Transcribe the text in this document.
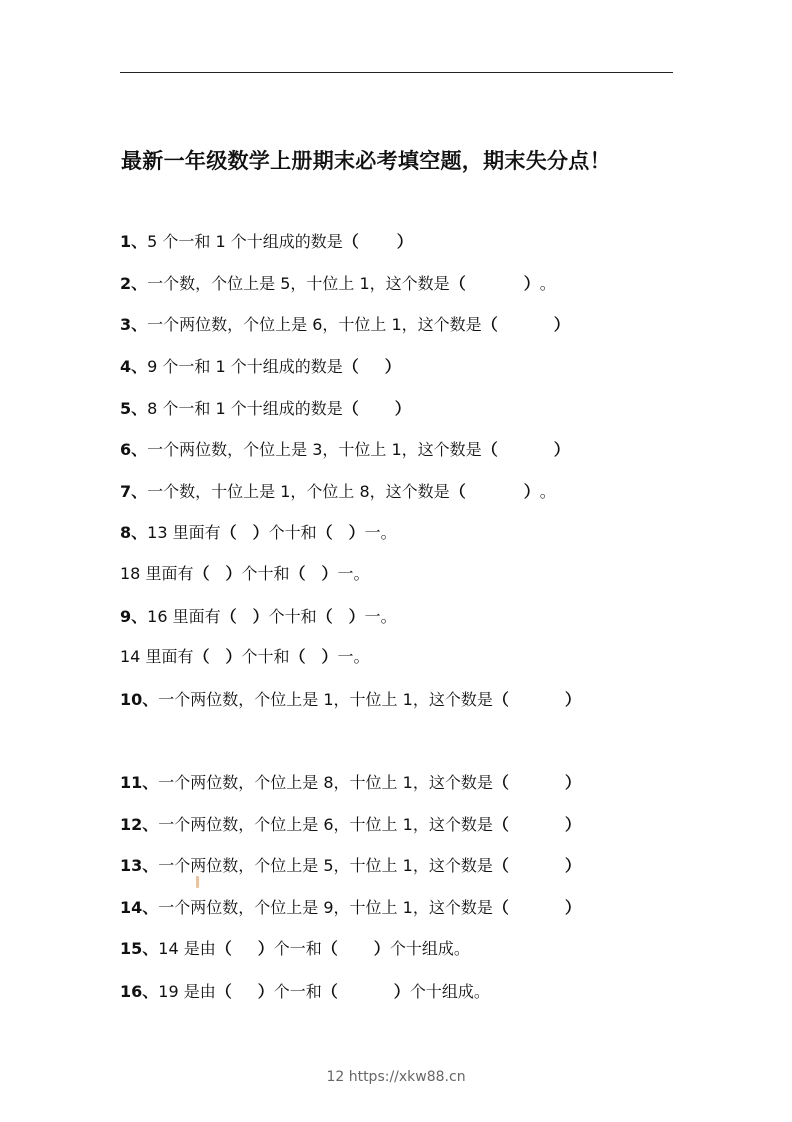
最新一年级数学上册期末必考填空题，期末失分点！
1、5 个一和 1 个十组成的数是（ ）
2、一个数，个位上是 5，十位上 1，这个数是（	）。
3、一个两位数，个位上是 6，十位上 1，这个数是（	）
4、9 个一和 1 个十组成的数是（ ）
5、8 个一和 1 个十组成的数是（ ）
6、一个两位数，个位上是 3，十位上 1，这个数是（	）
7、一个数，十位上是 1，个位上 8，这个数是（	）。
8、13 里面有（ ）个十和（ ）一。
18 里面有（ ）个十和（ ）一。
9、16 里面有（ ）个十和（ ）一。
14 里面有（ ）个十和（ ）一。
10、一个两位数，个位上是 1，十位上 1，这个数是（	）
11、一个两位数，个位上是 8，十位上 1，这个数是（	）
12、一个两位数，个位上是 6，十位上 1，这个数是（	）
13、一个两位数，个位上是 5，十位上 1，这个数是（	）
14、一个两位数，个位上是 9，十位上 1，这个数是（	）
15、14 是由（ ）个一和（ ）个十组成。
16、19 是由（ ）个一和（	）个十组成。
12 https://xkw88.cn
